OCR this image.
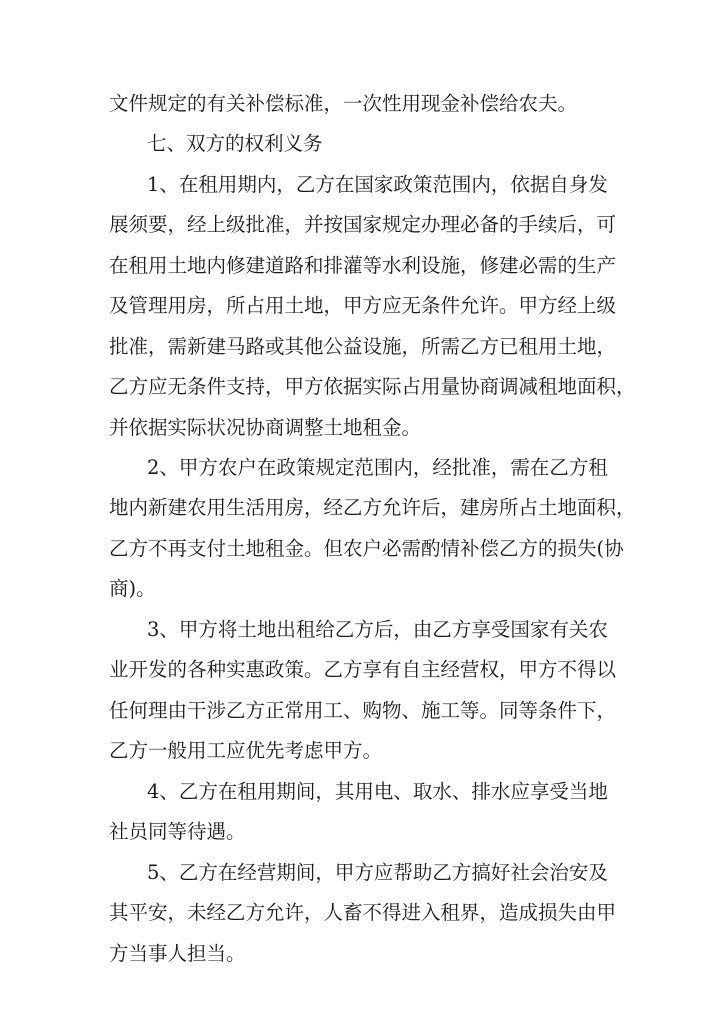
文件规定的有关补偿标准，一次性用现金补偿给农夫。
七、双方的权利义务
1、在租用期内，乙方在国家政策范围内，依据自身发
展须要，经上级批准，并按国家规定办理必备的手续后，可
在租用土地内修建道路和排灌等水利设施，修建必需的生产
及管理用房，所占用土地，甲方应无条件允许。甲方经上级
批准，需新建马路或其他公益设施，所需乙方已租用土地，
乙方应无条件支持，甲方依据实际占用量协商调减租地面积，
并依据实际状况协商调整土地租金。
2、甲方农户在政策规定范围内，经批准，需在乙方租
地内新建农用生活用房，经乙方允许后，建房所占土地面积，
乙方不再支付土地租金。但农户必需酌情补偿乙方的损失(协
商)。
3、甲方将土地出租给乙方后，由乙方享受国家有关农
业开发的各种实惠政策。乙方享有自主经营权，甲方不得以
任何理由干涉乙方正常用工、购物、施工等。同等条件下，
乙方一般用工应优先考虑甲方。
4、乙方在租用期间，其用电、取水、排水应享受当地
社员同等待遇。
5、乙方在经营期间，甲方应帮助乙方搞好社会治安及
其平安，未经乙方允许，人畜不得进入租界，造成损失由甲
方当事人担当。
